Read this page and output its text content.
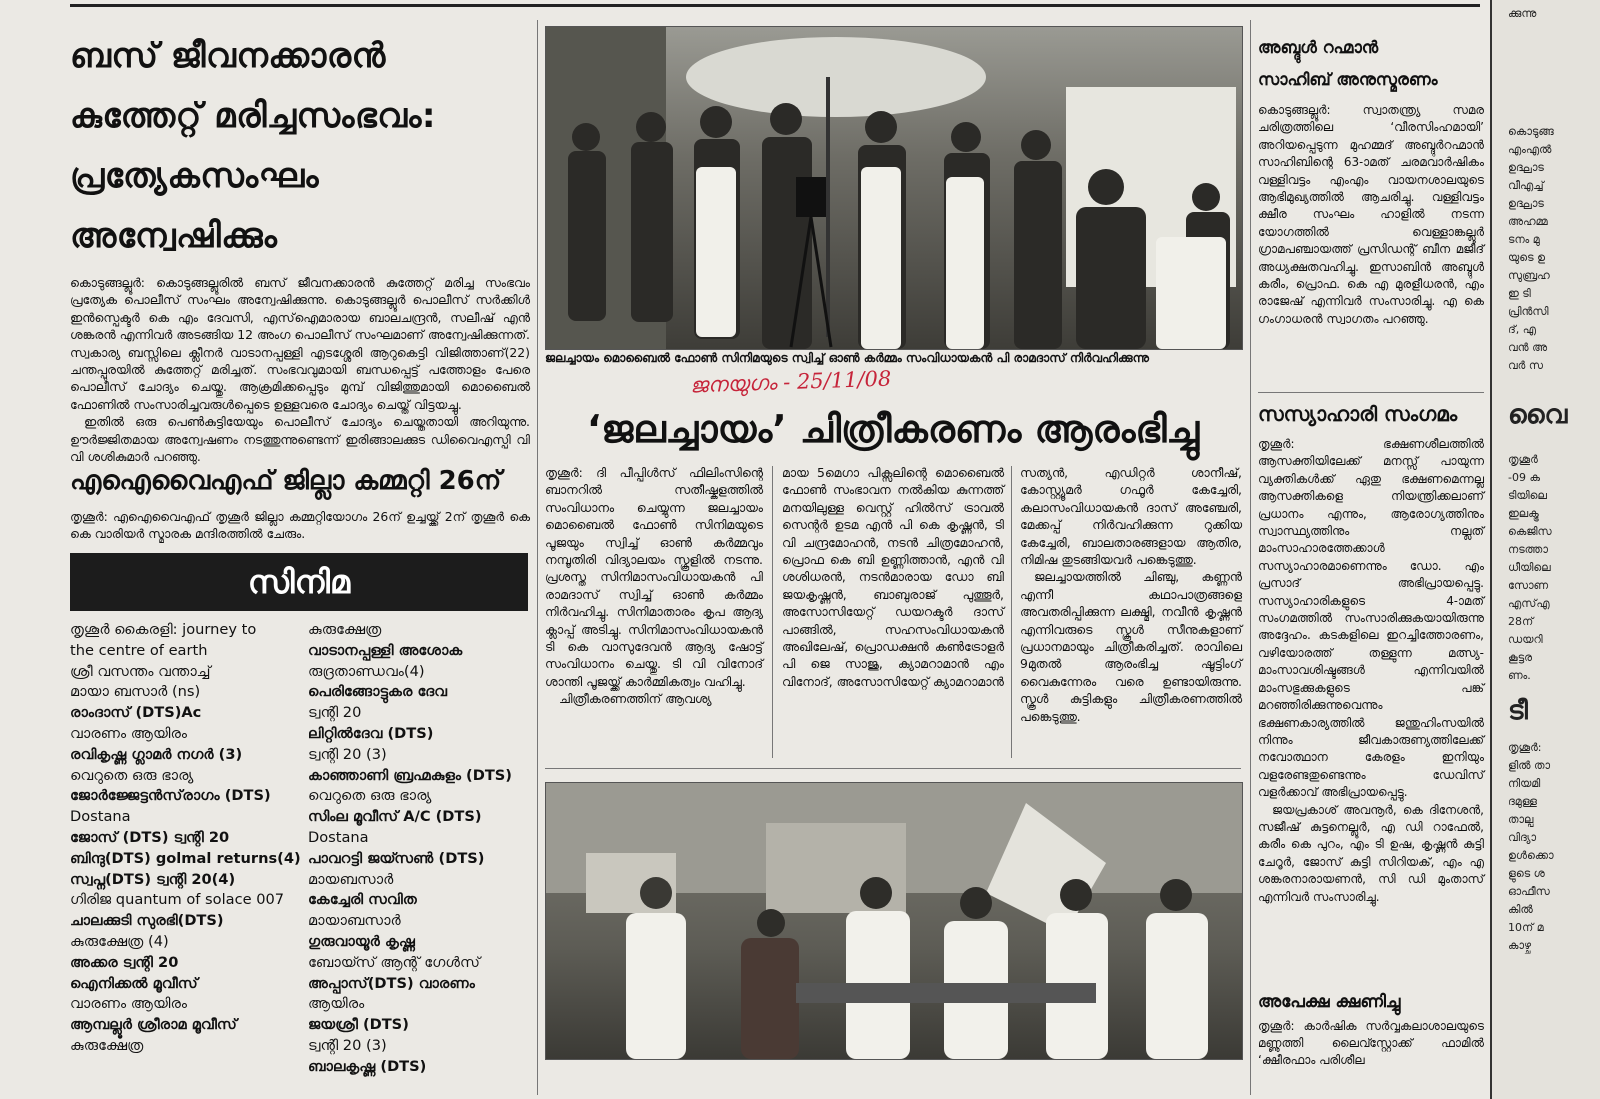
ബസ് ജീവനക്കാരൻ
കുത്തേറ്റ് മരിച്ചസംഭവം:
പ്രത്യേകസംഘം അന്വേഷിക്കും

കൊടുങ്ങല്ലൂർ: കൊടുങ്ങല്ലൂരിൽ ബസ് ജീവനക്കാരൻ കുത്തേറ്റ് മരിച്ച സംഭവം പ്രത്യേക പൊലീസ് സംഘം അന്വേഷിക്കുന്നു. കൊടുങ്ങല്ലൂർ പൊലീസ് സർക്കിൾ ഇൻസ്പെക്ടർ കെ എം ദേവസി, എസ്ഐമാരായ ബാലചന്ദ്രൻ, സലീഷ് എൻ ശങ്കരൻ എന്നിവർ അടങ്ങിയ 12 അംഗ പൊലീസ് സംഘമാണ് അന്വേഷിക്കുന്നത്. സ്വകാര്യ ബസ്സിലെ ക്ലീനർ വാടാനപ്പള്ളി എടശ്ശേരി ആറുകെട്ടി വിജിത്താണ്(22) ചന്തപ്പുരയിൽ കുത്തേറ്റ് മരിച്ചത്. സംഭവവുമായി ബന്ധപ്പെട്ട് പത്തോളം പേരെ പൊലീസ് ചോദ്യം ചെയ്തു. ആക്രമിക്കപ്പെടും മുമ്പ് വിജിത്തുമായി മൊബൈൽ ഫോണിൽ സംസാരിച്ചവരുൾപ്പെടെ ഉള്ളവരെ ചോദ്യം ചെയ്ത് വിട്ടയച്ചു.

ഇതിൽ ഒരു പെൺകുട്ടിയേയും പൊലീസ് ചോദ്യം ചെയ്തതായി അറിയുന്നു. ഊർജ്ജിതമായ അന്വേഷണം നടത്തുന്നുണ്ടെന്ന് ഇരിങ്ങാലക്കുട ഡിവൈഎസ്പി വി വി ശശികുമാർ പറഞ്ഞു.

എഐവൈഎഫ് ജില്ലാ കമ്മറ്റി 26ന്

തൃശൂർ: എഐവൈഎഫ് തൃശൂർ ജില്ലാ കമ്മറ്റിയോഗം 26ന് ഉച്ചയ്ക്ക് 2ന് തൃശൂർ കെ കെ വാരിയർ സ്മാരക മന്ദിരത്തിൽ ചേരും.

സിനിമ
തൃശൂർ കൈരളി: journey to
the centre of earth
ശ്രീ വസന്തം വന്താച്ച്
മായാ ബസാർ (ns)
രാംദാസ് (DTS)Ac
വാരണം ആയിരം
രവികൃഷ്ണ ഗ്ലാമർ നഗർ (3)
വെറുതെ ഒരു ഭാര്യ
ജോർജ്ജേട്ടൻസ്‌രാഗം (DTS)
Dostana
ജോസ് (DTS) ട്വന്റി 20
ബിന്ദു(DTS) golmal returns(4)
സ്വപ്ന(DTS) ട്വന്റി 20(4)
ഗിരിജ quantum of solace 007
ചാലക്കുടി സുരഭി(DTS)
കുരുക്ഷേത്ര (4)
അക്കര ട്വന്റി 20
ഐനിക്കൽ മൂവീസ്
വാരണം ആയിരം
ആമ്പല്ലൂർ ശ്രീരാമ മൂവീസ്
കുരുക്ഷേത്ര
കുരുക്ഷേത്ര
വാടാനപ്പള്ളി അശോക
രുദ്രതാണ്ഡവം(4)
പെരിങ്ങോട്ടുകര ദേവ
ട്വന്റി 20
ലിറ്റിൽദേവ (DTS)
ട്വന്റി 20 (3)
കാഞ്ഞാണി ബ്രഹ്മകുളം (DTS)
വെറുതെ ഒരു ഭാര്യ
സിംല മൂവീസ് A/C (DTS)
Dostana
പാവറട്ടി ജയ്സൺ (DTS)
മായബസാർ
കേച്ചേരി സവിത
മായാബസാർ
ഗുരുവായൂർ കൃഷ്ണ
ബോയ്സ് ആന്റ് ഗേൾസ്
അപ്പാസ്(DTS) വാരണം
ആയിരം
ജയശ്രീ (DTS)
ട്വന്റി 20 (3)
ബാലകൃഷ്ണ (DTS)

ജലച്ചായം മൊബൈൽ ഫോൺ സിനിമയുടെ സ്വിച്ച് ഓൺ കർമ്മം സംവിധായകൻ പി രാമദാസ് നിർവഹിക്കുന്നു

ജനയുഗം - 25/11/08
‘ജലച്ചായം’ ചിത്രീകരണം ആരംഭിച്ചു

തൃശൂർ: ദി പീപ്പിൾസ് ഫിലിംസിന്റെ ബാനറിൽ സതീഷ്കളത്തിൽ സംവിധാനം ചെയ്യുന്ന ജലച്ചായം മൊബൈൽ ഫോൺ സിനിമയുടെ പൂജയും സ്വിച്ച് ഓൺ കർമ്മവും നമ്പൂതിരി വിദ്യാലയം സ്കൂളിൽ നടന്നു. പ്രശസ്ത സിനിമാസംവിധായകൻ പി രാമദാസ് സ്വിച്ച് ഓൺ കർമ്മം നിർവഹിച്ചു. സിനിമാതാരം കൃപ ആദ്യ ക്ലാപ്പ് അടിച്ചു. സിനിമാസംവിധായകൻ ടി കെ വാസുദേവൻ ആദ്യ ഷോട്ട് സംവിധാനം ചെയ്തു. ടി വി വിനോദ് ശാന്തി പൂജയ്ക്ക് കാർമ്മികത്വം വഹിച്ചു.

ചിത്രീകരണത്തിന് ആവശ്യ

മായ 5മെഗാ പിക്സലിന്റെ മൊബൈൽ ഫോൺ സംഭാവന നൽകിയ കുന്നത്ത് മനയിലുള്ള വെസ്റ്റ് ഹിൽസ് ട്രാവൽ സെന്റർ ഉടമ എൻ പി കെ കൃഷ്ണൻ, ടി വി ചന്ദ്രമോഹൻ, നടൻ ചിത്രമോഹൻ, പ്രൊഫ കെ ബി ഉണ്ണിത്താൻ, എൻ വി ശശിധരൻ, നടൻമാരായ ഡോ ബി ജയകൃഷ്ണൻ, ബാബുരാജ് പുത്തൂർ, അസോസിയേറ്റ് ഡയറക്ടർ ദാസ് പാങ്ങിൽ, സഹസംവിധായകൻ അഖിലേഷ്, പ്രൊഡക്ഷൻ കൺട്രോളർ പി ജെ സാജു, ക്യാമറാമാൻ എം വിനോദ്, അസോസിയേറ്റ് ക്യാമറാമാൻ

സത്യൻ, എഡിറ്റർ ശാനീഷ്, കോസ്റ്റ്യൂമർ ഗഫൂർ കേച്ചേരി, കലാസംവിധായകൻ ദാസ് അഞ്ചേരി, മേക്കപ്പ് നിർവഹിക്കുന്ന റുക്കിയ കേച്ചേരി, ബാലതാരങ്ങളായ ആതിര, നിമിഷ തുടങ്ങിയവർ പങ്കെടുത്തു.

ജലച്ചായത്തിൽ ചിഞ്ചു, കണ്ണൻ എന്നീ കഥാപാത്രങ്ങളെ അവതരിപ്പിക്കുന്ന ലക്ഷ്മി, നവീൻ കൃഷ്ണൻ എന്നിവരുടെ സ്കൂൾ സീനുകളാണ് പ്രധാനമായും ചിത്രീകരിച്ചത്. രാവിലെ 9മുതൽ ആരംഭിച്ച ഷൂട്ടിംഗ് വൈകുന്നേരം വരെ ഉണ്ടായിരുന്നു. സ്കൂൾ കുട്ടികളും ചിത്രീകരണത്തിൽ പങ്കെടുത്തു.

അബ്ദുൾ റഹ്മാൻ
സാഹിബ് അനുസ്മരണം

കൊടുങ്ങല്ലൂർ: സ്വാതന്ത്ര്യ സമര ചരിത്രത്തിലെ ‘വീരസിംഹമായി’ അറിയപ്പെടുന്ന മുഹമ്മദ് അബ്ദുർറഹ്മാൻ സാഹിബിന്റെ 63-ാമത് ചരമവാർഷികം വള്ളിവട്ടം എംഎം വായനശാലയുടെ ആഭിമുഖ്യത്തിൽ ആചരിച്ചു. വള്ളിവട്ടം ക്ഷീര സംഘം ഹാളിൽ നടന്ന യോഗത്തിൽ വെള്ളാങ്കല്ലൂർ ഗ്രാമപഞ്ചായത്ത് പ്രസിഡന്റ് ബീന മജീദ് അധ്യക്ഷതവഹിച്ചു. ഇസാബിൻ അബ്ദുൾ കരീം, പ്രൊഫ. കെ എ മുരളീധരൻ, എം രാജേഷ് എന്നിവർ സംസാരിച്ചു. എ കെ ഗംഗാധരൻ സ്വാഗതം പറഞ്ഞു.

സസ്യാഹാരി സംഗമം

തൃശൂർ: ഭക്ഷണശീലത്തിൽ ആസക്തിയിലേക്ക് മനസ്സ് പായുന്ന വ്യക്തികൾക്ക് ഏതു ഭക്ഷണമെന്നല്ല ആസക്തികളെ നിയന്ത്രിക്കലാണ് പ്രധാനം എന്നും, ആരോഗ്യത്തിനും സ്വാസ്ഥ്യത്തിനും നല്ലത് മാംസാഹാരത്തേക്കാൾ സസ്യാഹാരമാണെന്നും ഡോ. എം പ്രസാദ് അഭിപ്രായപ്പെട്ടു. സസ്യാഹാരികളുടെ 4-ാമത് സംഗമത്തിൽ സംസാരിക്കുകയായിരുന്നു അദ്ദേഹം. കടകളിലെ ഇറച്ചിത്തോരണം, വഴിയോരത്ത് തള്ളുന്ന മത്സ്യ-മാംസാവശിഷ്ടങ്ങൾ എന്നിവയിൽ മാംസഭുക്കുകളുടെ പങ്ക് മറഞ്ഞിരിക്കുന്നുവെന്നും ഭക്ഷണകാര്യത്തിൽ ജന്തുഹിംസയിൽ നിന്നും ജീവകാരുണ്യത്തിലേക്ക് നവോത്ഥാന കേരളം ഇനിയും വളരേണ്ടതുണ്ടെന്നും ഡേവിസ് വളർക്കാവ് അഭിപ്രായപ്പെട്ടു.

ജയപ്രകാശ് അവനൂർ, കെ ദിനേശൻ, സജീഷ് കുട്ടനെല്ലൂർ, എ ഡി റാഫേൽ, കരീം കെ പുറം, എം ടി ഉഷ, കൃഷ്ണൻ കുട്ടി ചേറൂർ, ജോസ് കുട്ടി സിറിയക്, എം എ ശങ്കരനാരായണൻ, സി ഡി മുംതാസ് എന്നിവർ സംസാരിച്ചു.

അപേക്ഷ ക്ഷണിച്ചു

തൃശൂർ: കാർഷിക സർവ്വകലാശാലയുടെ മണ്ണുത്തി ലൈവ്സ്റ്റോക്ക് ഫാമിൽ ‘ക്ഷീരഫാം പരിശീല

ക്കുന്നു
കൊടുങ്ങ
എംഎൽ
ഉദ്ഘാട
വീഎച്ച്
ഉദ്ഘാട
അഹമ്മ
ടനം മു
യുടെ ഉ
സുബ്രഹ
ഇ ടി
പ്രിൻസി
ദ്, എ
വൻ അ
വർ സ
വൈ
തൃശൂർ
-09 ക
ടിയിലെ
ഇലക്ട്ര
കെജിസ
നടത്താ
ധീയിലെ
സോണ
എസ്എ
28ന്
ഡയറി
കൂട്ടര
ണം.
ടീ
തൃശൂർ:
ളിൽ താ
നിയമി
ദമുള്ള
താല്പ
വിദ്യാ
ഉൾക്കൊ
ളുടെ ശ
ഓഫീസ
കിൽ
10ന് മ
കാഴ്ച
